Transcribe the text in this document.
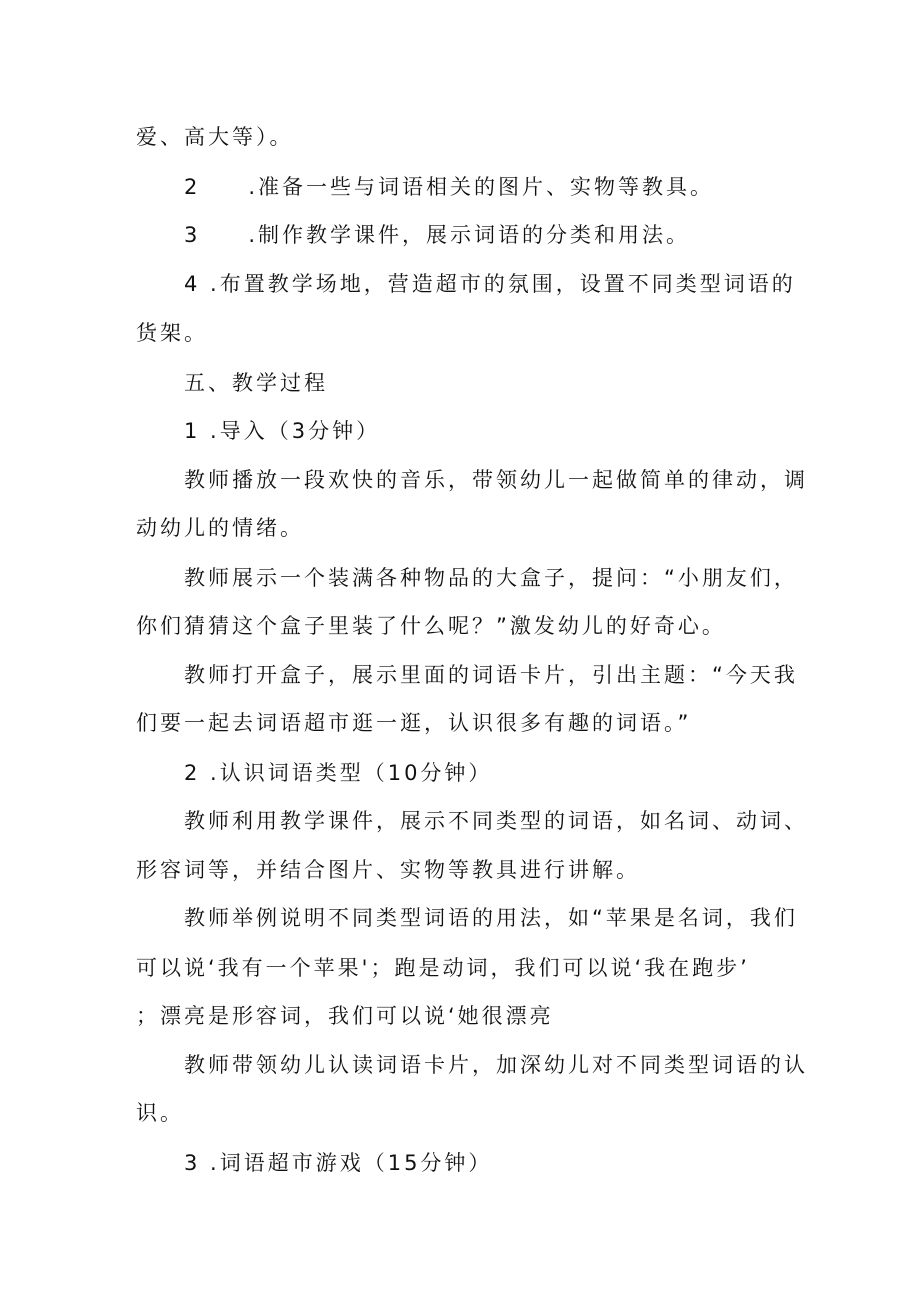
爱、高大等）。
2　　.准备一些与词语相关的图片、实物等教具。
3　　.制作教学课件，展示词语的分类和用法。
4 .布置教学场地，营造超市的氛围，设置不同类型词语的
货架。
五、教学过程
1 .导入（3分钟）
教师播放一段欢快的音乐，带领幼儿一起做简单的律动，调
动幼儿的情绪。
教师展示一个装满各种物品的大盒子，提问：“小朋友们，
你们猜猜这个盒子里装了什么呢？”激发幼儿的好奇心。
教师打开盒子，展示里面的词语卡片，引出主题：“今天我
们要一起去词语超市逛一逛，认识很多有趣的词语。”
2 .认识词语类型（10分钟）
教师利用教学课件，展示不同类型的词语，如名词、动词、
形容词等，并结合图片、实物等教具进行讲解。
教师举例说明不同类型词语的用法，如“苹果是名词，我们
可以说‘我有一个苹果'；跑是动词，我们可以说‘我在跑步’
；漂亮是形容词，我们可以说‘她很漂亮
教师带领幼儿认读词语卡片，加深幼儿对不同类型词语的认
识。
3 .词语超市游戏（15分钟）
